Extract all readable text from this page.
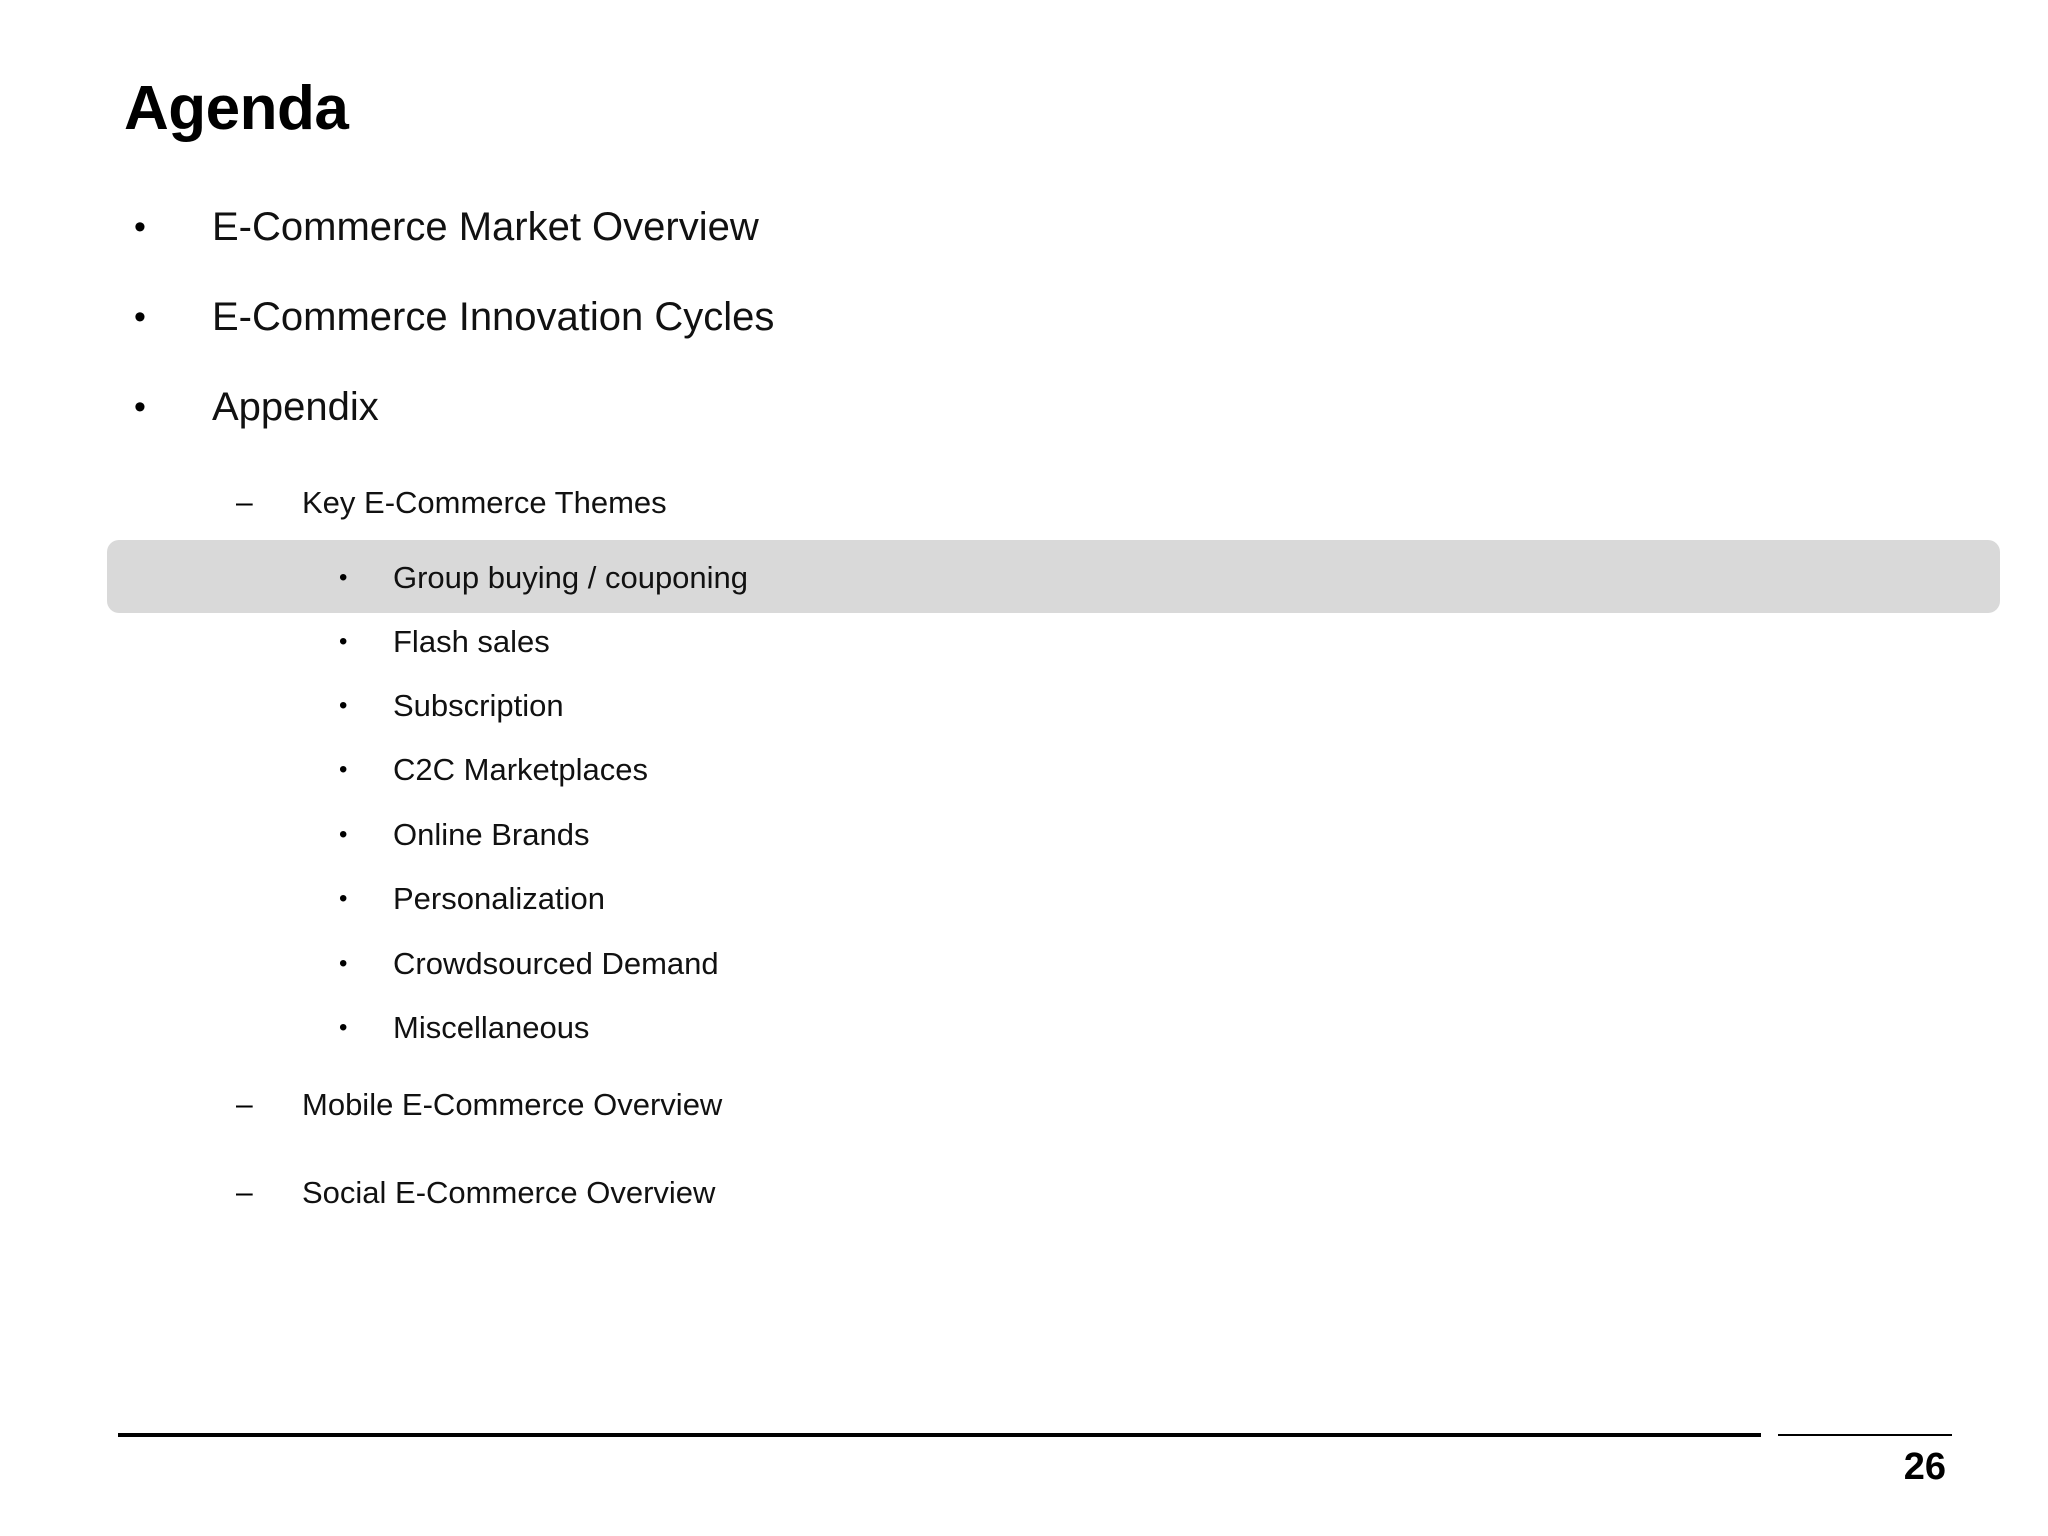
Agenda
•	E-Commerce Market Overview
•	E-Commerce Innovation Cycles
•	Appendix
–	Key E-Commerce Themes
•	Group buying / couponing
•	Flash sales
•	Subscription
•	C2C Marketplaces
•	Online Brands
•	Personalization
•	Crowdsourced Demand
•	Miscellaneous
–	Mobile E-Commerce Overview
–	Social E-Commerce Overview
26
